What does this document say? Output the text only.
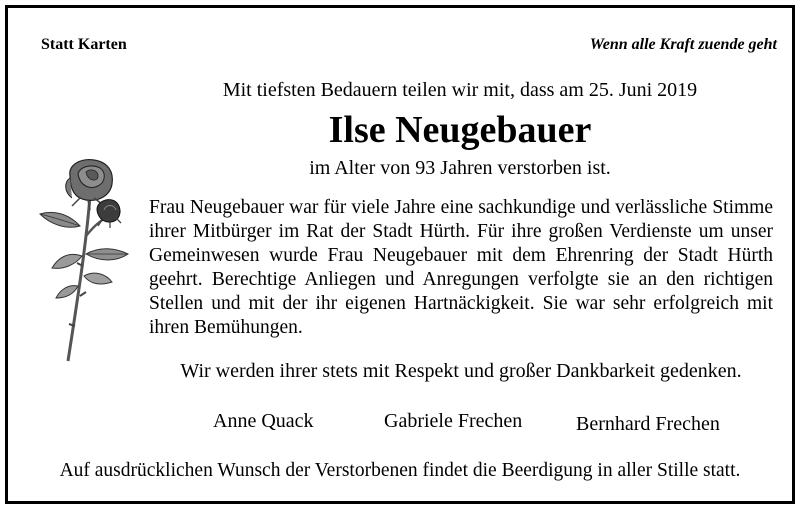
Statt Karten	Wenn alle Kraft zuende geht
Mit tiefsten Bedauern teilen wir mit, dass am 25. Juni 2019
Ilse Neugebauer
im Alter von 93 Jahren verstorben ist.
Frau Neugebauer war für viele Jahre eine sachkundige und verlässliche Stimme ihrer Mitbürger im Rat der Stadt Hürth. Für ihre großen Verdienste um unser Gemeinwesen wurde Frau Neugebauer mit dem Ehrenring der Stadt Hürth geehrt. Berechtige Anliegen und Anregungen verfolgte sie an den richtigen Stellen und mit der ihr eigenen Hartnäckigkeit. Sie war sehr erfolgreich mit ihren Bemühungen.
Wir werden ihrer stets mit Respekt und großer Dankbarkeit gedenken.
Anne Quack	Gabriele Frechen	Bernhard Frechen
Auf ausdrücklichen Wunsch der Verstorbenen findet die Beerdigung in aller Stille statt.
